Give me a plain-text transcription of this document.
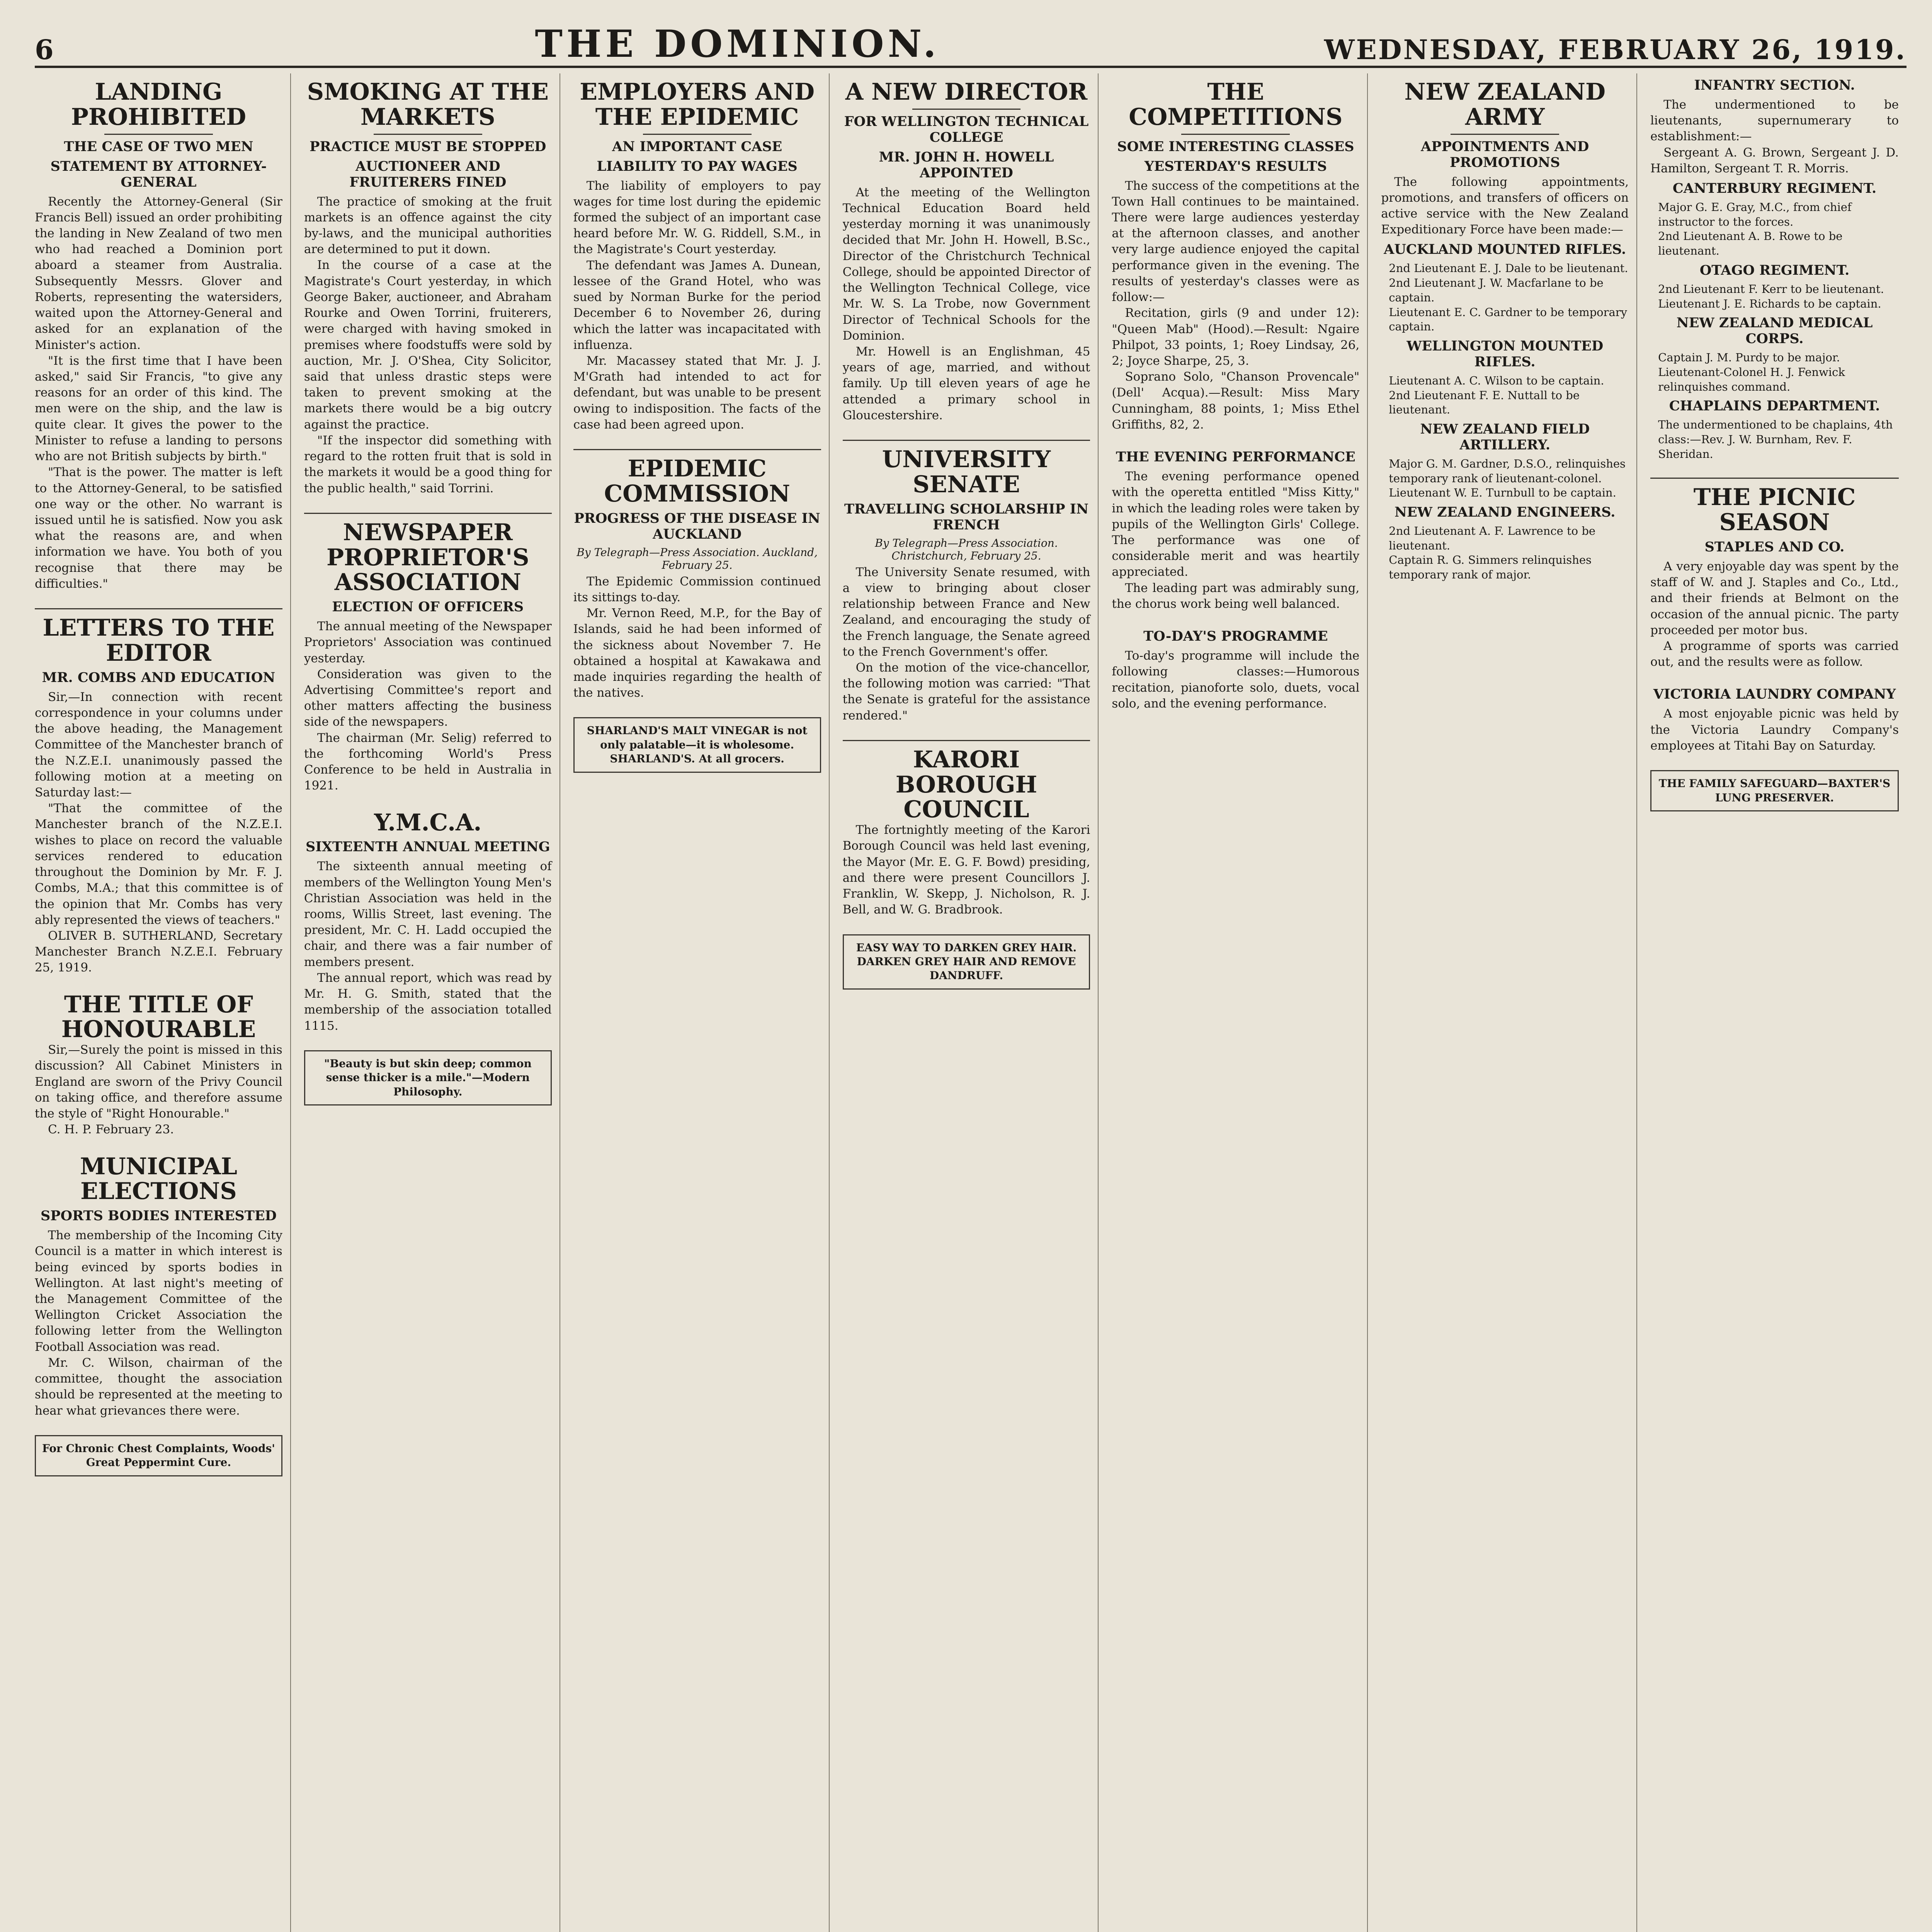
6	THE DOMINION.	WEDNESDAY, FEBRUARY 26, 1919.
LANDING PROHIBITED
THE CASE OF TWO MEN
STATEMENT BY ATTORNEY-GENERAL

Recently the Attorney-General (Sir Francis Bell) issued an order prohibiting the landing in New Zealand of two men who had reached a Dominion port aboard a steamer from Australia. Subsequently Messrs. Glover and Roberts, representing the watersiders, waited upon the Attorney-General and asked for an explanation of the Minister's action.

"It is the first time that I have been asked," said Sir Francis, "to give any reasons for an order of this kind. The men were on the ship, and the law is quite clear. It gives the power to the Minister to refuse a landing to persons who are not British subjects by birth."

"That is the power. The matter is left to the Attorney-General, to be satisfied one way or the other. No warrant is issued until he is satisfied. Now you ask what the reasons are, and when information we have. You both of you recognise that there may be difficulties."

LETTERS TO THE EDITOR
MR. COMBS AND EDUCATION

Sir,—In connection with recent correspondence in your columns under the above heading, the Management Committee of the Manchester branch of the N.Z.E.I. unanimously passed the following motion at a meeting on Saturday last:—

"That the committee of the Manchester branch of the N.Z.E.I. wishes to place on record the valuable services rendered to education throughout the Dominion by Mr. F. J. Combs, M.A.; that this committee is of the opinion that Mr. Combs has very ably represented the views of teachers."

OLIVER B. SUTHERLAND, Secretary Manchester Branch N.Z.E.I. February 25, 1919.

THE TITLE OF HONOURABLE

Sir,—Surely the point is missed in this discussion? All Cabinet Ministers in England are sworn of the Privy Council on taking office, and therefore assume the style of "Right Honourable."

C. H. P. February 23.

MUNICIPAL ELECTIONS
SPORTS BODIES INTERESTED

The membership of the Incoming City Council is a matter in which interest is being evinced by sports bodies in Wellington. At last night's meeting of the Management Committee of the Wellington Cricket Association the following letter from the Wellington Football Association was read.

Mr. C. Wilson, chairman of the committee, thought the association should be represented at the meeting to hear what grievances there were.

For Chronic Chest Complaints, Woods' Great Peppermint Cure.
SMOKING AT THE MARKETS
PRACTICE MUST BE STOPPED
AUCTIONEER AND FRUITERERS FINED

The practice of smoking at the fruit markets is an offence against the city by-laws, and the municipal authorities are determined to put it down.

In the course of a case at the Magistrate's Court yesterday, in which George Baker, auctioneer, and Abraham Rourke and Owen Torrini, fruiterers, were charged with having smoked in premises where foodstuffs were sold by auction, Mr. J. O'Shea, City Solicitor, said that unless drastic steps were taken to prevent smoking at the markets there would be a big outcry against the practice.

"If the inspector did something with regard to the rotten fruit that is sold in the markets it would be a good thing for the public health," said Torrini.

NEWSPAPER PROPRIETOR'S ASSOCIATION
ELECTION OF OFFICERS

The annual meeting of the Newspaper Proprietors' Association was continued yesterday.

Consideration was given to the Advertising Committee's report and other matters affecting the business side of the newspapers.

The chairman (Mr. Selig) referred to the forthcoming World's Press Conference to be held in Australia in 1921.

Y.M.C.A.
SIXTEENTH ANNUAL MEETING

The sixteenth annual meeting of members of the Wellington Young Men's Christian Association was held in the rooms, Willis Street, last evening. The president, Mr. C. H. Ladd occupied the chair, and there was a fair number of members present.

The annual report, which was read by Mr. H. G. Smith, stated that the membership of the association totalled 1115.

"Beauty is but skin deep; common sense thicker is a mile."—Modern Philosophy.
EMPLOYERS AND THE EPIDEMIC
AN IMPORTANT CASE
LIABILITY TO PAY WAGES

The liability of employers to pay wages for time lost during the epidemic formed the subject of an important case heard before Mr. W. G. Riddell, S.M., in the Magistrate's Court yesterday.

The defendant was James A. Dunean, lessee of the Grand Hotel, who was sued by Norman Burke for the period December 6 to November 26, during which the latter was incapacitated with influenza.

Mr. Macassey stated that Mr. J. J. M'Grath had intended to act for defendant, but was unable to be present owing to indisposition. The facts of the case had been agreed upon.

EPIDEMIC COMMISSION
PROGRESS OF THE DISEASE IN AUCKLAND
By Telegraph—Press Association. Auckland, February 25.

The Epidemic Commission continued its sittings to-day.

Mr. Vernon Reed, M.P., for the Bay of Islands, said he had been informed of the sickness about November 7. He obtained a hospital at Kawakawa and made inquiries regarding the health of the natives.

SHARLAND'S MALT VINEGAR is not only palatable—it is wholesome. SHARLAND'S. At all grocers.
A NEW DIRECTOR
FOR WELLINGTON TECHNICAL COLLEGE
MR. JOHN H. HOWELL APPOINTED

At the meeting of the Wellington Technical Education Board held yesterday morning it was unanimously decided that Mr. John H. Howell, B.Sc., Director of the Christchurch Technical College, should be appointed Director of the Wellington Technical College, vice Mr. W. S. La Trobe, now Government Director of Technical Schools for the Dominion.

Mr. Howell is an Englishman, 45 years of age, married, and without family. Up till eleven years of age he attended a primary school in Gloucestershire.

UNIVERSITY SENATE
TRAVELLING SCHOLARSHIP IN FRENCH
By Telegraph—Press Association. Christchurch, February 25.

The University Senate resumed, with a view to bringing about closer relationship between France and New Zealand, and encouraging the study of the French language, the Senate agreed to the French Government's offer.

On the motion of the vice-chancellor, the following motion was carried: "That the Senate is grateful for the assistance rendered."

KARORI BOROUGH COUNCIL

The fortnightly meeting of the Karori Borough Council was held last evening, the Mayor (Mr. E. G. F. Bowd) presiding, and there were present Councillors J. Franklin, W. Skepp, J. Nicholson, R. J. Bell, and W. G. Bradbrook.

EASY WAY TO DARKEN GREY HAIR. DARKEN GREY HAIR AND REMOVE DANDRUFF.
THE COMPETITIONS
SOME INTERESTING CLASSES
YESTERDAY'S RESULTS

The success of the competitions at the Town Hall continues to be maintained. There were large audiences yesterday at the afternoon classes, and another very large audience enjoyed the capital performance given in the evening. The results of yesterday's classes were as follow:—

Recitation, girls (9 and under 12): "Queen Mab" (Hood).—Result: Ngaire Philpot, 33 points, 1; Roey Lindsay, 26, 2; Joyce Sharpe, 25, 3.

Soprano Solo, "Chanson Provencale" (Dell' Acqua).—Result: Miss Mary Cunningham, 88 points, 1; Miss Ethel Griffiths, 82, 2.

THE EVENING PERFORMANCE

The evening performance opened with the operetta entitled "Miss Kitty," in which the leading roles were taken by pupils of the Wellington Girls' College. The performance was one of considerable merit and was heartily appreciated.

The leading part was admirably sung, the chorus work being well balanced.

TO-DAY'S PROGRAMME

To-day's programme will include the following classes:—Humorous recitation, pianoforte solo, duets, vocal solo, and the evening performance.

NEW ZEALAND ARMY
APPOINTMENTS AND PROMOTIONS

The following appointments, promotions, and transfers of officers on active service with the New Zealand Expeditionary Force have been made:—

AUCKLAND MOUNTED RIFLES.
2nd Lieutenant E. J. Dale to be lieutenant.
2nd Lieutenant J. W. Macfarlane to be captain.
Lieutenant E. C. Gardner to be temporary captain.
WELLINGTON MOUNTED RIFLES.
Lieutenant A. C. Wilson to be captain.
2nd Lieutenant F. E. Nuttall to be lieutenant.
NEW ZEALAND FIELD ARTILLERY.
Major G. M. Gardner, D.S.O., relinquishes temporary rank of lieutenant-colonel.
Lieutenant W. E. Turnbull to be captain.
NEW ZEALAND ENGINEERS.
2nd Lieutenant A. F. Lawrence to be lieutenant.
Captain R. G. Simmers relinquishes temporary rank of major.
INFANTRY SECTION.

The undermentioned to be lieutenants, supernumerary to establishment:—

Sergeant A. G. Brown, Sergeant J. D. Hamilton, Sergeant T. R. Morris.

CANTERBURY REGIMENT.
Major G. E. Gray, M.C., from chief instructor to the forces.
2nd Lieutenant A. B. Rowe to be lieutenant.
OTAGO REGIMENT.
2nd Lieutenant F. Kerr to be lieutenant.
Lieutenant J. E. Richards to be captain.
NEW ZEALAND MEDICAL CORPS.
Captain J. M. Purdy to be major.
Lieutenant-Colonel H. J. Fenwick relinquishes command.
CHAPLAINS DEPARTMENT.
The undermentioned to be chaplains, 4th class:—Rev. J. W. Burnham, Rev. F. Sheridan.
THE PICNIC SEASON
STAPLES AND CO.

A very enjoyable day was spent by the staff of W. and J. Staples and Co., Ltd., and their friends at Belmont on the occasion of the annual picnic. The party proceeded per motor bus.

A programme of sports was carried out, and the results were as follow.

VICTORIA LAUNDRY COMPANY

A most enjoyable picnic was held by the Victoria Laundry Company's employees at Titahi Bay on Saturday.

THE FAMILY SAFEGUARD—BAXTER'S LUNG PRESERVER.
